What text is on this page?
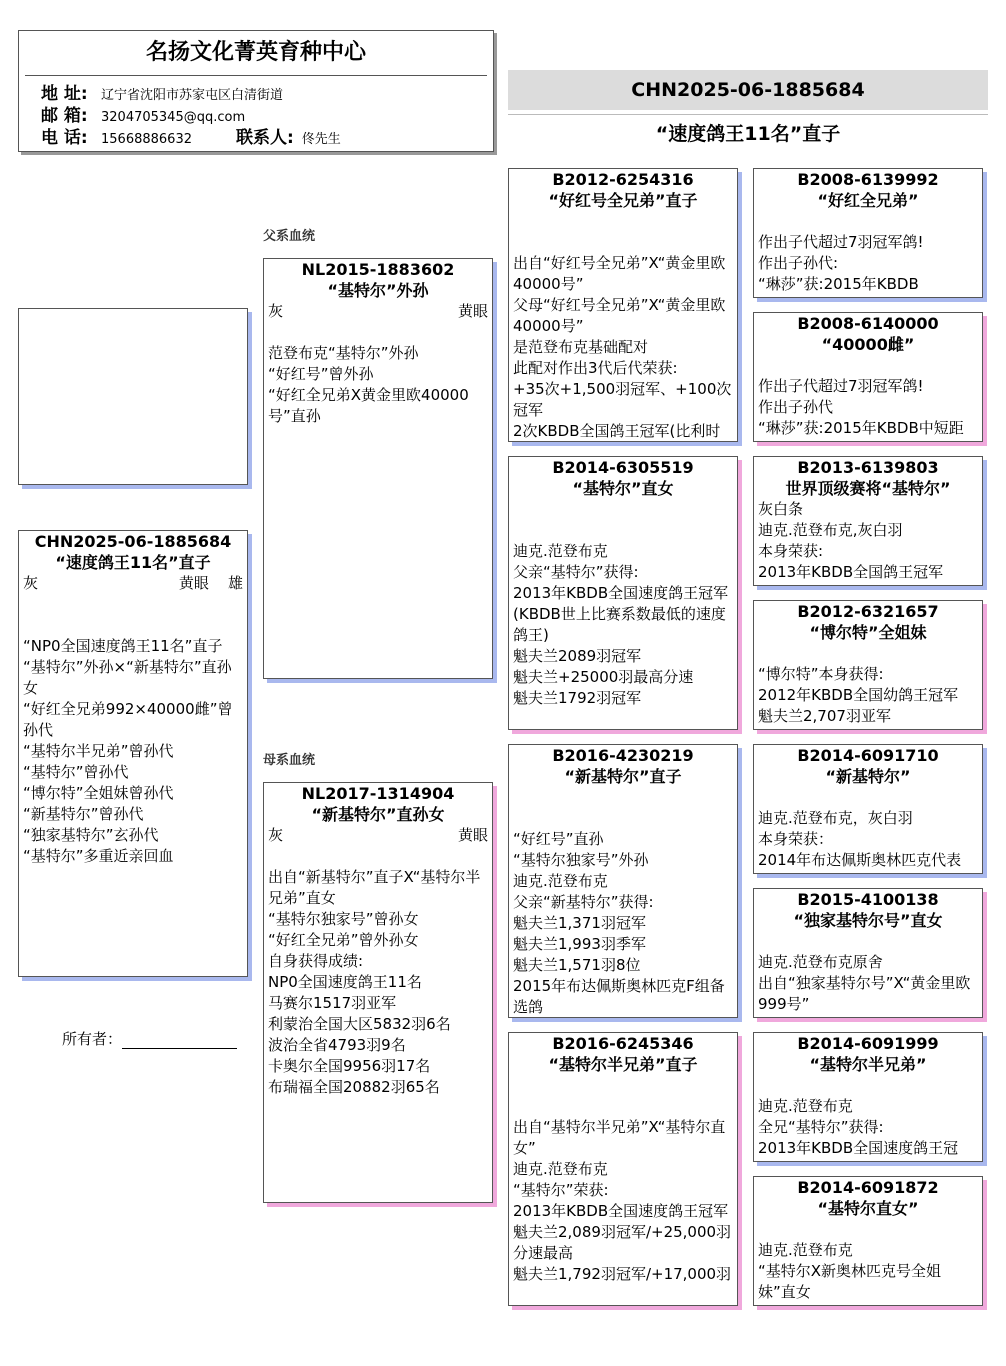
名扬文化菁英育种中心
地 址:	辽宁省沈阳市苏家屯区白清街道
邮 箱:	3204705345@qq.com
电 话:	15668886632	联系人: 佟先生
CHN2025-06-1885684
“速度鸽王11名”直子
CHN2025-06-1885684
“速度鸽王11名”直子
灰	黄眼 雄
“NP0全国速度鸽王11名”直子
“基特尔”外孙×“新基特尔”直孙女
“好红全兄弟992×40000雌”曾孙代
“基特尔半兄弟”曾孙代
“基特尔”曾孙代
“博尔特”全姐妹曾孙代
“新基特尔”曾孙代
“独家基特尔”玄孙代
“基特尔”多重近亲回血
所有者：
父系血统
NL2015-1883602
“基特尔”外孙
灰	黄眼
范登布克“基特尔”外孙
“好红号”曾外孙
“好红全兄弟X黄金里欧40000号”直孙
母系血统
NL2017-1314904
“新基特尔”直孙女
灰	黄眼
出自“新基特尔”直子X“基特尔半兄弟”直女
“基特尔独家号”曾孙女
“好红全兄弟”曾外孙女
自身获得成绩:
NP0全国速度鸽王11名
马赛尔1517羽亚军
利蒙治全国大区5832羽6名
波治全省4793羽9名
卡奥尔全国9956羽17名
布瑞福全国20882羽65名
B2012-6254316
“好红号全兄弟”直子
出自“好红号全兄弟”X“黄金里欧40000号”
父母“好红号全兄弟”X“黄金里欧40000号”
是范登布克基础配对
此配对作出3代后代荣获:
+35次+1,500羽冠军、+100次冠军
2次KBDB全国鸽王冠军(比利时
B2014-6305519
“基特尔”直女
迪克.范登布克
父亲“基特尔”获得:
2013年KBDB全国速度鸽王冠军
(KBDB世上比赛系数最低的速度鸽王)
魁夫兰2089羽冠军
魁夫兰+25000羽最高分速
魁夫兰1792羽冠军
B2016-4230219
“新基特尔”直子
“好红号”直孙
“基特尔独家号”外孙
迪克.范登布克
父亲“新基特尔”获得:
魁夫兰1,371羽冠军
魁夫兰1,993羽季军
魁夫兰1,571羽8位
2015年布达佩斯奥林匹克F组备选鸽
B2016-6245346
“基特尔半兄弟”直子
出自“基特尔半兄弟”X“基特尔直女”
迪克.范登布克
“基特尔”荣获:
2013年KBDB全国速度鸽王冠军
魁夫兰2,089羽冠军/+25,000羽分速最高
魁夫兰1,792羽冠军/+17,000羽
B2008-6139992
“好红全兄弟”
作出子代超过7羽冠军鸽!
作出子孙代:
“琳莎”获:2015年KBDB
B2008-6140000
“40000雌”
作出子代超过7羽冠军鸽!
作出子孙代
“琳莎”获:2015年KBDB中短距
B2013-6139803
世界顶级赛将“基特尔”
灰白条
迪克.范登布克,灰白羽
本身荣获:
2013年KBDB全国鸽王冠军
B2012-6321657
“博尔特”全姐妹
“博尔特”本身获得:
2012年KBDB全国幼鸽王冠军
魁夫兰2,707羽亚军
B2014-6091710
“新基特尔”
迪克.范登布克，灰白羽
本身荣获：
2014年布达佩斯奥林匹克代表
B2015-4100138
“独家基特尔号”直女
迪克.范登布克原舍
出自“独家基特尔号”X“黄金里欧999号”
B2014-6091999
“基特尔半兄弟”
迪克.范登布克
全兄“基特尔”获得:
2013年KBDB全国速度鸽王冠
B2014-6091872
“基特尔直女”
迪克.范登布克
“基特尔X新奥林匹克号全姐妹”直女
